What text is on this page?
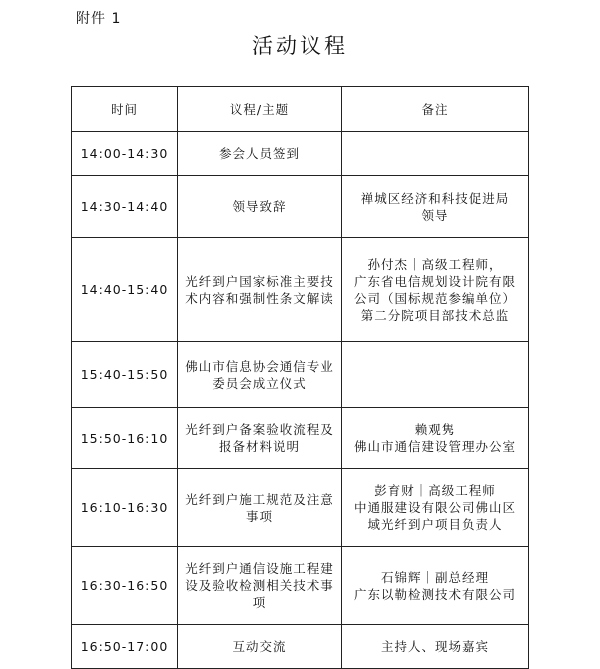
附件 1
活动议程
时间	议程/主题	备注
14:00-14:30	参会人员签到	
14:30-14:40	领导致辞	禅城区经济和科技促进局
领导
14:40-15:40	光纤到户国家标准主要技术内容和强制性条文解读	孙付杰｜高级工程师，
广东省电信规划设计院有限公司（国标规范参编单位）第二分院项目部技术总监
15:40-15:50	佛山市信息协会通信专业委员会成立仪式	
15:50-16:10	光纤到户备案验收流程及报备材料说明	赖观隽
佛山市通信建设管理办公室
16:10-16:30	光纤到户施工规范及注意事项	彭育财｜高级工程师
中通服建设有限公司佛山区域光纤到户项目负责人
16:30-16:50	光纤到户通信设施工程建设及验收检测相关技术事项	石锦辉｜副总经理
广东以勒检测技术有限公司
16:50-17:00	互动交流	主持人、现场嘉宾
